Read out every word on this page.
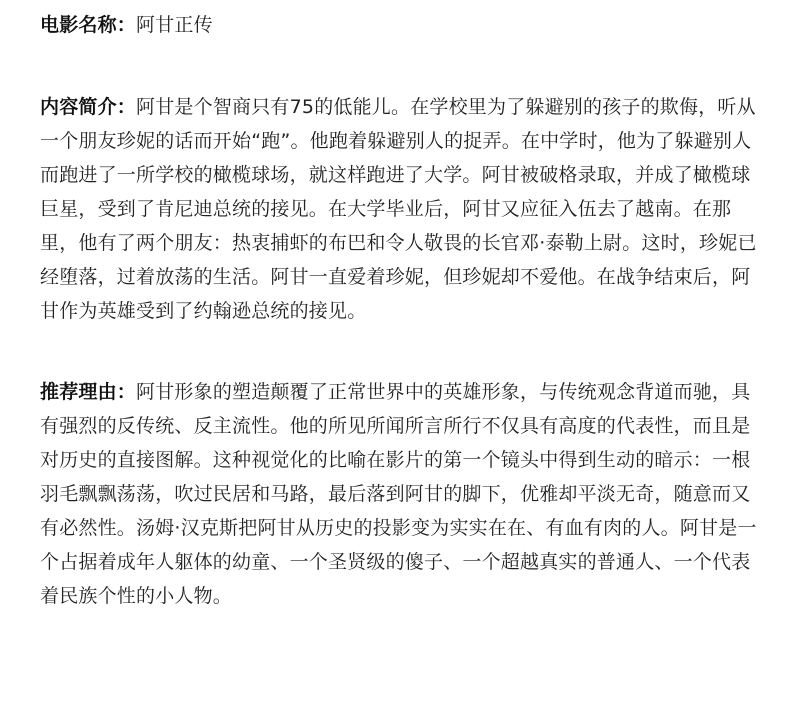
电影名称：阿甘正传

内容简介：阿甘是个智商只有75的低能儿。在学校里为了躲避别的孩子的欺侮，听从一个朋友珍妮的话而开始“跑”。他跑着躲避别人的捉弄。在中学时，他为了躲避别人而跑进了一所学校的橄榄球场，就这样跑进了大学。阿甘被破格录取，并成了橄榄球巨星，受到了肯尼迪总统的接见。在大学毕业后，阿甘又应征入伍去了越南。在那里，他有了两个朋友：热衷捕虾的布巴和令人敬畏的长官邓·泰勒上尉。这时，珍妮已经堕落，过着放荡的生活。阿甘一直爱着珍妮，但珍妮却不爱他。在战争结束后，阿甘作为英雄受到了约翰逊总统的接见。

推荐理由：阿甘形象的塑造颠覆了正常世界中的英雄形象，与传统观念背道而驰，具有强烈的反传统、反主流性。他的所见所闻所言所行不仅具有高度的代表性，而且是对历史的直接图解。这种视觉化的比喻在影片的第一个镜头中得到生动的暗示：一根羽毛飘飘荡荡，吹过民居和马路，最后落到阿甘的脚下，优雅却平淡无奇，随意而又有必然性。汤姆·汉克斯把阿甘从历史的投影变为实实在在、有血有肉的人。阿甘是一个占据着成年人躯体的幼童、一个圣贤级的傻子、一个超越真实的普通人、一个代表着民族个性的小人物。
